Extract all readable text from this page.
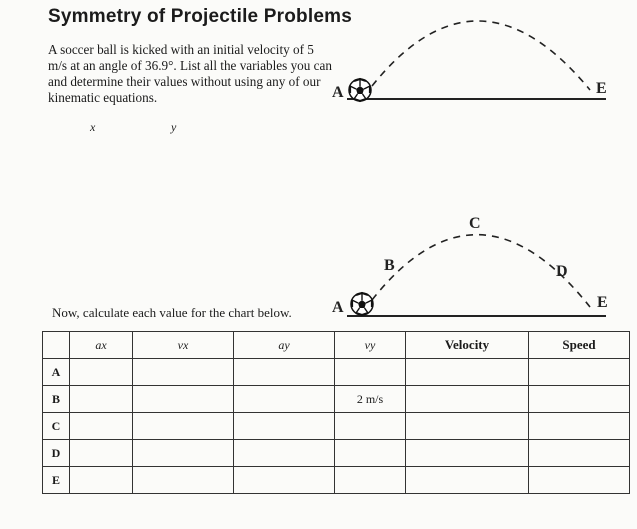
Symmetry of Projectile Problems
A soccer ball is kicked with an initial velocity of 5 m/s at an angle of 36.9°. List all the variables you can and determine their values without using any of our kinematic equations.
x	y
A	E
A
B
C
D
E
Now, calculate each value for the chart below.
	ax	vx	ay	vy	Velocity	Speed
A						
B				2 m/s		
C						
D						
E						
